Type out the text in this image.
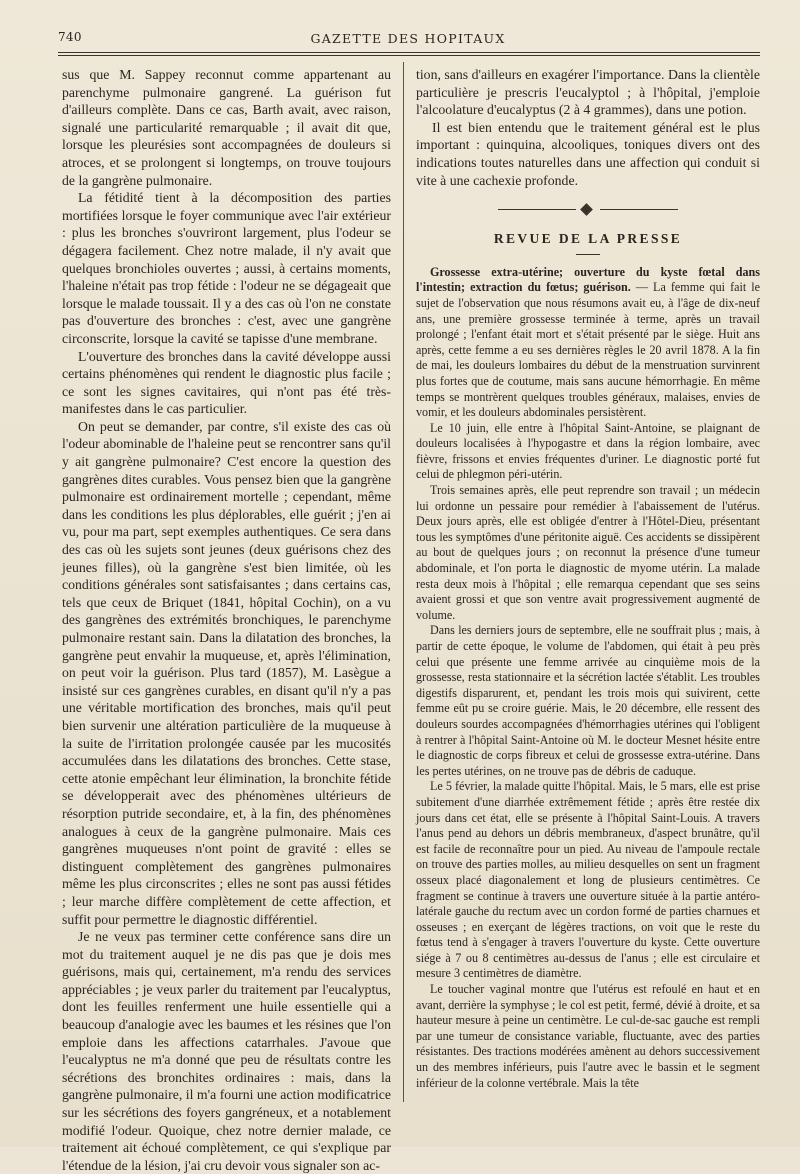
740	GAZETTE DES HOPITAUX

sus que M. Sappey reconnut comme appartenant au parenchyme pulmonaire gangrené. La guérison fut d'ailleurs complète. Dans ce cas, Barth avait, avec raison, signalé une particularité remarquable ; il avait dit que, lorsque les pleurésies sont accompagnées de douleurs si atroces, et se prolongent si longtemps, on trouve toujours de la gangrène pulmonaire.

La fétidité tient à la décomposition des parties mortifiées lorsque le foyer communique avec l'air extérieur : plus les bronches s'ouvriront largement, plus l'odeur se dégagera facilement. Chez notre malade, il n'y avait que quelques bronchioles ouvertes ; aussi, à certains moments, l'haleine n'était pas trop fétide : l'odeur ne se dégageait que lorsque le malade toussait. Il y a des cas où l'on ne constate pas d'ouverture des bronches : c'est, avec une gangrène circonscrite, lorsque la cavité se tapisse d'une membrane.

L'ouverture des bronches dans la cavité développe aussi certains phénomènes qui rendent le diagnostic plus facile ; ce sont les signes cavitaires, qui n'ont pas été très-manifestes dans le cas particulier.

On peut se demander, par contre, s'il existe des cas où l'odeur abominable de l'haleine peut se rencontrer sans qu'il y ait gangrène pulmonaire? C'est encore la question des gangrènes dites curables. Vous pensez bien que la gangrène pulmonaire est ordinairement mortelle ; cependant, même dans les conditions les plus déplorables, elle guérit ; j'en ai vu, pour ma part, sept exemples authentiques. Ce sera dans des cas où les sujets sont jeunes (deux guérisons chez des jeunes filles), où la gangrène s'est bien limitée, où les conditions générales sont satisfaisantes ; dans certains cas, tels que ceux de Briquet (1841, hôpital Cochin), on a vu des gangrènes des extrémités bronchiques, le parenchyme pulmonaire restant sain. Dans la dilatation des bronches, la gangrène peut envahir la muqueuse, et, après l'élimination, on peut voir la guérison. Plus tard (1857), M. Lasègue a insisté sur ces gangrènes curables, en disant qu'il n'y a pas une véritable mortification des bronches, mais qu'il peut bien survenir une altération particulière de la muqueuse à la suite de l'irritation prolongée causée par les mucosités accumulées dans les dilatations des bronches. Cette stase, cette atonie empêchant leur élimination, la bronchite fétide se développerait avec des phénomènes ultérieurs de résorption putride secondaire, et, à la fin, des phénomènes analogues à ceux de la gangrène pulmonaire. Mais ces gangrènes muqueuses n'ont point de gravité : elles se distinguent complètement des gangrènes pulmonaires même les plus circonscrites ; elles ne sont pas aussi fétides ; leur marche diffère complètement de cette affection, et suffit pour permettre le diagnostic différentiel.

Je ne veux pas terminer cette conférence sans dire un mot du traitement auquel je ne dis pas que je dois mes guérisons, mais qui, certainement, m'a rendu des services appréciables ; je veux parler du traitement par l'eucalyptus, dont les feuilles renferment une huile essentielle qui a beaucoup d'analogie avec les baumes et les résines que l'on emploie dans les affections catarrhales. J'avoue que l'eucalyptus ne m'a donné que peu de résultats contre les sécrétions des bronchites ordinaires : mais, dans la gangrène pulmonaire, il m'a fourni une action modificatrice sur les sécrétions des foyers gangréneux, et a notablement modifié l'odeur. Quoique, chez notre dernier malade, ce traitement ait échoué complètement, ce qui s'explique par l'étendue de la lésion, j'ai cru devoir vous signaler son ac-

tion, sans d'ailleurs en exagérer l'importance. Dans la clientèle particulière je prescris l'eucalyptol ; à l'hôpital, j'emploie l'alcoolature d'eucalyptus (2 à 4 grammes), dans une potion.

Il est bien entendu que le traitement général est le plus important : quinquina, alcooliques, toniques divers ont des indications toutes naturelles dans une affection qui conduit si vite à une cachexie profonde.

REVUE DE LA PRESSE

Grossesse extra-utérine; ouverture du kyste fœtal dans l'intestin; extraction du fœtus; guérison. — La femme qui fait le sujet de l'observation que nous résumons avait eu, à l'âge de dix-neuf ans, une première grossesse terminée à terme, après un travail prolongé ; l'enfant était mort et s'était présenté par le siège. Huit ans après, cette femme a eu ses dernières règles le 20 avril 1878. A la fin de mai, les douleurs lombaires du début de la menstruation survinrent plus fortes que de coutume, mais sans aucune hémorrhagie. En même temps se montrèrent quelques troubles généraux, malaises, envies de vomir, et les douleurs abdominales persistèrent.

Le 10 juin, elle entre à l'hôpital Saint-Antoine, se plaignant de douleurs localisées à l'hypogastre et dans la région lombaire, avec fièvre, frissons et envies fréquentes d'uriner. Le diagnostic porté fut celui de phlegmon péri-utérin.

Trois semaines après, elle peut reprendre son travail ; un médecin lui ordonne un pessaire pour remédier à l'abaissement de l'utérus. Deux jours après, elle est obligée d'entrer à l'Hôtel-Dieu, présentant tous les symptômes d'une péritonite aiguë. Ces accidents se dissipèrent au bout de quelques jours ; on reconnut la présence d'une tumeur abdominale, et l'on porta le diagnostic de myome utérin. La malade resta deux mois à l'hôpital ; elle remarqua cependant que ses seins avaient grossi et que son ventre avait progressivement augmenté de volume.

Dans les derniers jours de septembre, elle ne souffrait plus ; mais, à partir de cette époque, le volume de l'abdomen, qui était à peu près celui que présente une femme arrivée au cinquième mois de la grossesse, resta stationnaire et la sécrétion lactée s'établit. Les troubles digestifs disparurent, et, pendant les trois mois qui suivirent, cette femme eût pu se croire guérie. Mais, le 20 décembre, elle ressent des douleurs sourdes accompagnées d'hémorrhagies utérines qui l'obligent à rentrer à l'hôpital Saint-Antoine où M. le docteur Mesnet hésite entre le diagnostic de corps fibreux et celui de grossesse extra-utérine. Dans les pertes utérines, on ne trouve pas de débris de caduque.

Le 5 février, la malade quitte l'hôpital. Mais, le 5 mars, elle est prise subitement d'une diarrhée extrêmement fétide ; après être restée dix jours dans cet état, elle se présente à l'hôpital Saint-Louis. A travers l'anus pend au dehors un débris membraneux, d'aspect brunâtre, qu'il est facile de reconnaître pour un pied. Au niveau de l'ampoule rectale on trouve des parties molles, au milieu desquelles on sent un fragment osseux placé diagonalement et long de plusieurs centimètres. Ce fragment se continue à travers une ouverture située à la partie antéro-latérale gauche du rectum avec un cordon formé de parties charnues et osseuses ; en exerçant de légères tractions, on voit que le reste du fœtus tend à s'engager à travers l'ouverture du kyste. Cette ouverture siége à 7 ou 8 centimètres au-dessus de l'anus ; elle est circulaire et mesure 3 centimètres de diamètre.

Le toucher vaginal montre que l'utérus est refoulé en haut et en avant, derrière la symphyse ; le col est petit, fermé, dévié à droite, et sa hauteur mesure à peine un centimètre. Le cul-de-sac gauche est rempli par une tumeur de consistance variable, fluctuante, avec des parties résistantes. Des tractions modérées amènent au dehors successivement un des membres inférieurs, puis l'autre avec le bassin et le segment inférieur de la colonne vertébrale. Mais la tête
